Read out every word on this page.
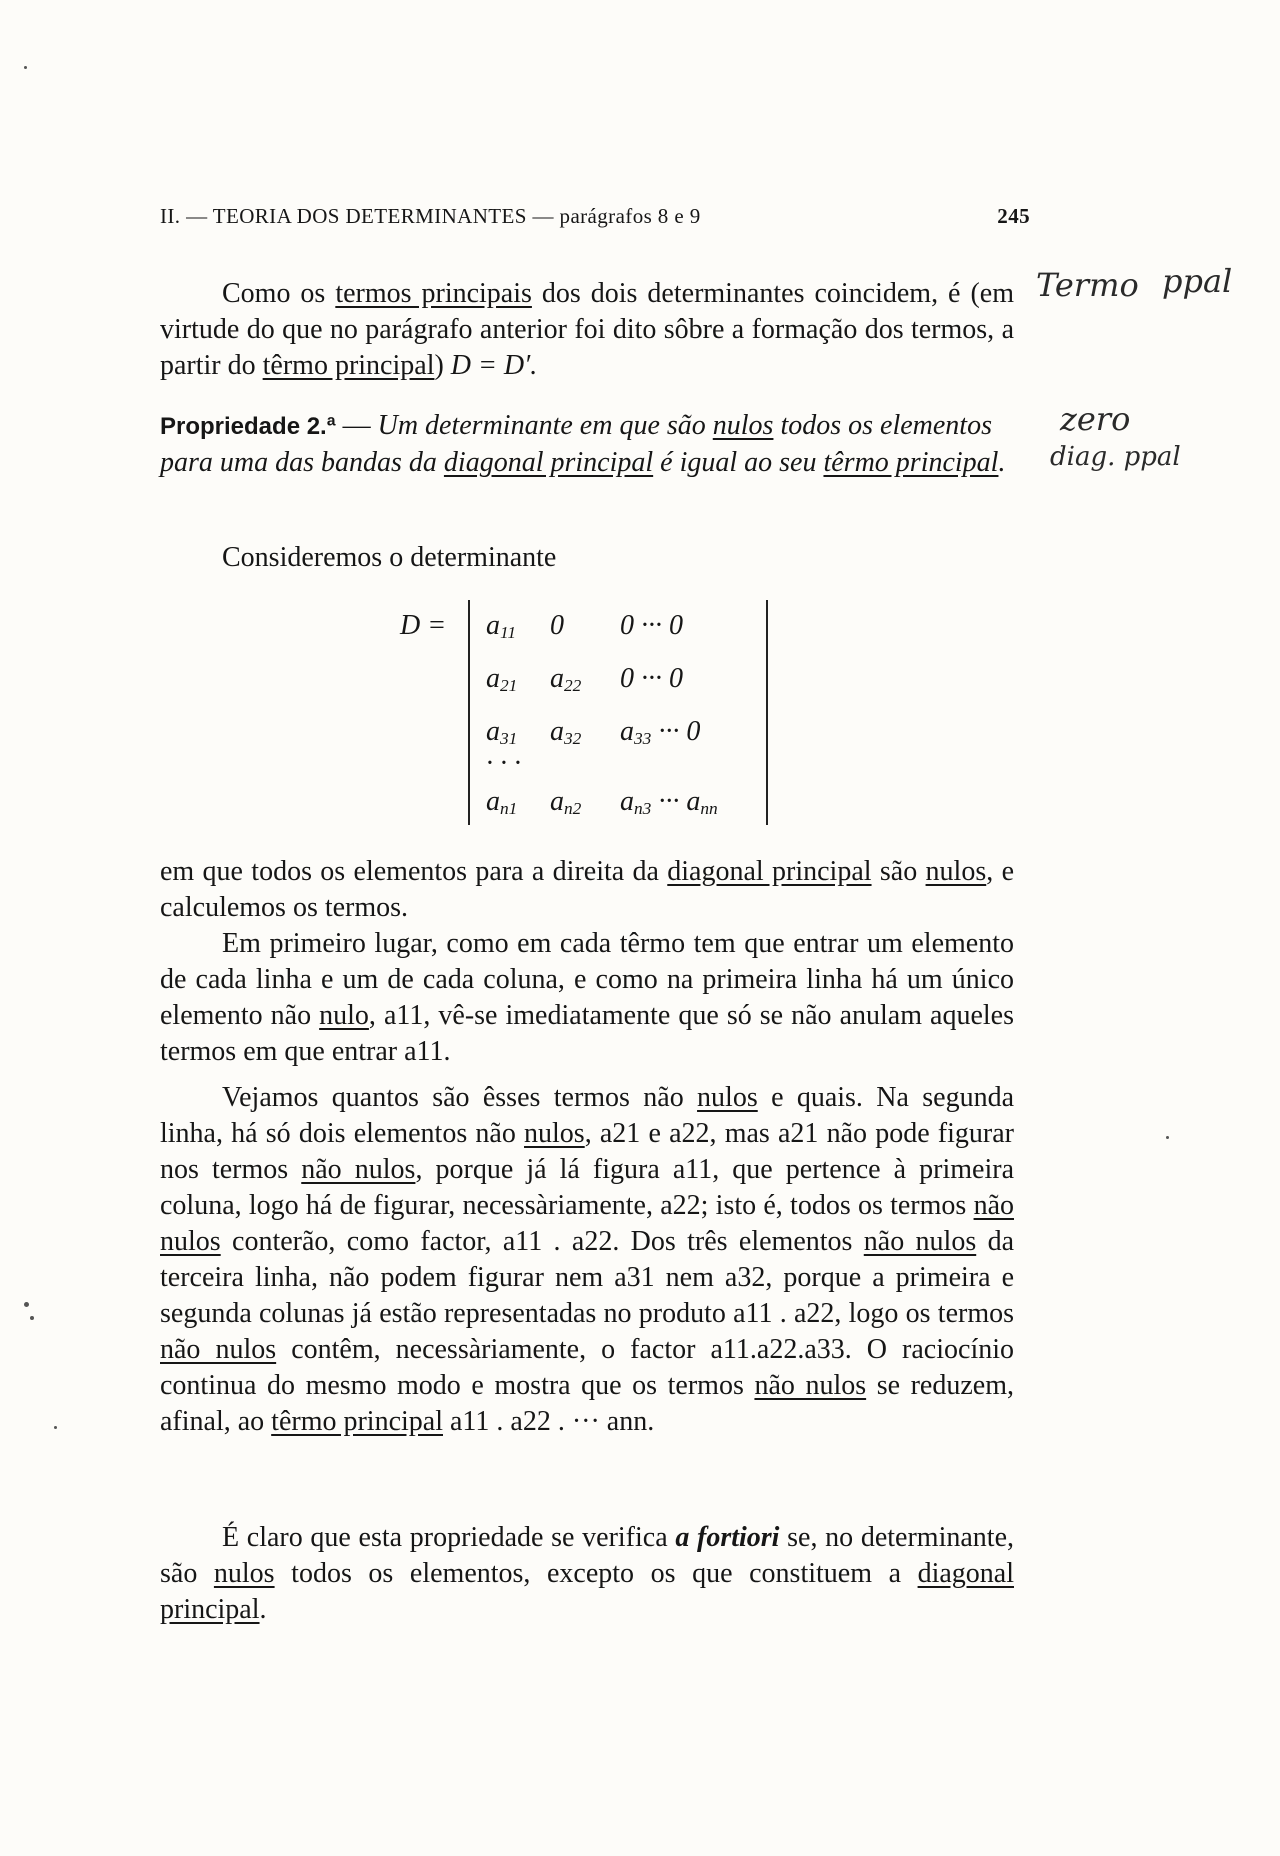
II. — TEORIA DOS DETERMINANTES — parágrafos 8 e 9	245
Como os termos principais dos dois determinantes coincidem, é (em virtude do que no parágrafo anterior foi dito sôbre a formação dos termos, a partir do têrmo principal) D = D′.
Propriedade 2.ª — Um determinante em que são nulos todos os elementos para uma das bandas da diagonal principal é igual ao seu têrmo principal.
Consideremos o determinante
$D = a_{11}$ 0 0 ··· 0
$a_{21}$ $a_{22}$ 0 ··· 0
$a_{31}$ $a_{32}$ $a_{33}$ ··· 0
· · ·
$a_{n1}$ $a_{n2}$ $a_{n3}$ ··· $a_{nn}$
em que todos os elementos para a direita da diagonal principal são nulos, e calculemos os termos.
Em primeiro lugar, como em cada têrmo tem que entrar um elemento de cada linha e um de cada coluna, e como na primeira linha há um único elemento não nulo, a11, vê-se imediatamente que só se não anulam aqueles termos em que entrar a11.
Vejamos quantos são êsses termos não nulos e quais. Na segunda linha, há só dois elementos não nulos, a21 e a22, mas a21 não pode figurar nos termos não nulos, porque já lá figura a11, que pertence à primeira coluna, logo há de figurar, necessàriamente, a22; isto é, todos os termos não nulos conterão, como factor, a11 . a22. Dos três elementos não nulos da terceira linha, não podem figurar nem a31 nem a32, porque a primeira e segunda colunas já estão representadas no produto a11 . a22, logo os termos não nulos contêm, necessàriamente, o factor a11.a22.a33. O raciocínio continua do mesmo modo e mostra que os termos não nulos se reduzem, afinal, ao têrmo principal a11 . a22 . ··· ann.
É claro que esta propriedade se verifica a fortiori se, no determinante, são nulos todos os elementos, excepto os que constituem a diagonal principal.
Termo ppal
zero
diag. ppal
